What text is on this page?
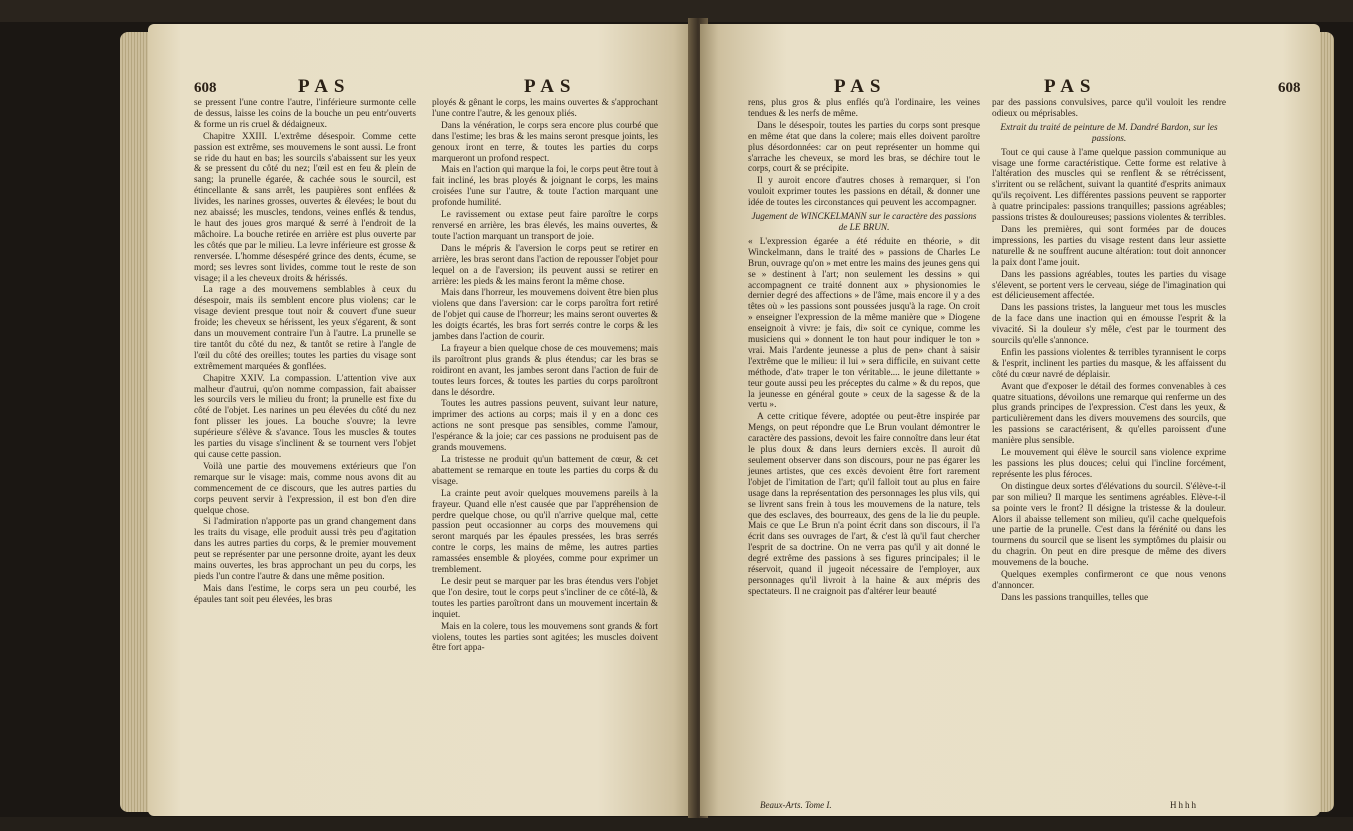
608	PAS	PAS

se pressent l'une contre l'autre, l'inférieure surmonte celle de dessus, laisse les coins de la bouche un peu entr'ouverts & forme un ris cruel & dédaigneux.

Chapitre XXIII. L'extrême désespoir. Comme cette passion est extrême, ses mouvemens le sont aussi. Le front se ride du haut en bas; les sourcils s'abaissent sur les yeux & se pressent du côté du nez; l'œil est en feu & plein de sang; la prunelle égarée, & cachée sous le sourcil, est étincellante & sans arrêt, les paupières sont enflées & livides, les narines grosses, ouvertes & élevées; le bout du nez abaissé; les muscles, tendons, veines enflés & tendus, le haut des joues gros marqué & serré à l'endroit de la mâchoire. La bouche retirée en arrière est plus ouverte par les côtés que par le milieu. La levre inférieure est grosse & renversée. L'homme désespéré grince des dents, écume, se mord; ses levres sont livides, comme tout le reste de son visage; il a les cheveux droits & hérissés.

La rage a des mouvemens semblables à ceux du désespoir, mais ils semblent encore plus violens; car le visage devient presque tout noir & couvert d'une sueur froide; les cheveux se hérissent, les yeux s'égarent, & sont dans un mouvement contraire l'un à l'autre. La prunelle se tire tantôt du côté du nez, & tantôt se retire à l'angle de l'œil du côté des oreilles; toutes les parties du visage sont extrêmement marquées & gonflées.

Chapitre XXIV. La compassion. L'attention vive aux malheur d'autrui, qu'on nomme compassion, fait abaisser les sourcils vers le milieu du front; la prunelle est fixe du côté de l'objet. Les narines un peu élevées du côté du nez font plisser les joues. La bouche s'ouvre; la levre supérieure s'élève & s'avance. Tous les muscles & toutes les parties du visage s'inclinent & se tournent vers l'objet qui cause cette passion.

Voilà une partie des mouvemens extérieurs que l'on remarque sur le visage: mais, comme nous avons dit au commencement de ce discours, que les autres parties du corps peuvent servir à l'expression, il est bon d'en dire quelque chose.

Si l'admiration n'apporte pas un grand changement dans les traits du visage, elle produit aussi très peu d'agitation dans les autres parties du corps, & le premier mouvement peut se représenter par une personne droite, ayant les deux mains ouvertes, les bras approchant un peu du corps, les pieds l'un contre l'autre & dans une même position.

Mais dans l'estime, le corps sera un peu courbé, les épaules tant soit peu élevées, les bras

ployés & gênant le corps, les mains ouvertes & s'approchant l'une contre l'autre, & les genoux pliés.

Dans la vénération, le corps sera encore plus courbé que dans l'estime; les bras & les mains seront presque joints, les genoux iront en terre, & toutes les parties du corps marqueront un profond respect.

Mais en l'action qui marque la foi, le corps peut être tout à fait incliné, les bras ployés & joignant le corps, les mains croisées l'une sur l'autre, & toute l'action marquant une profonde humilité.

Le ravissement ou extase peut faire paroître le corps renversé en arrière, les bras élevés, les mains ouvertes, & toute l'action marquant un transport de joie.

Dans le mépris & l'aversion le corps peut se retirer en arrière, les bras seront dans l'action de repousser l'objet pour lequel on a de l'aversion; ils peuvent aussi se retirer en arrière: les pieds & les mains feront la même chose.

Mais dans l'horreur, les mouvemens doivent être bien plus violens que dans l'aversion: car le corps paroîtra fort retiré de l'objet qui cause de l'horreur; les mains seront ouvertes & les doigts écartés, les bras fort serrés contre le corps & les jambes dans l'action de courir.

La frayeur a bien quelque chose de ces mouvemens; mais ils paroîtront plus grands & plus étendus; car les bras se roidiront en avant, les jambes seront dans l'action de fuir de toutes leurs forces, & toutes les parties du corps paroîtront dans le désordre.

Toutes les autres passions peuvent, suivant leur nature, imprimer des actions au corps; mais il y en a donc ces actions ne sont presque pas sensibles, comme l'amour, l'espérance & la joie; car ces passions ne produisent pas de grands mouvemens.

La tristesse ne produit qu'un battement de cœur, & cet abattement se remarque en toute les parties du corps & du visage.

La crainte peut avoir quelques mouvemens pareils à la frayeur. Quand elle n'est causée que par l'appréhension de perdre quelque chose, ou qu'il n'arrive quelque mal, cette passion peut occasionner au corps des mouvemens qui seront marqués par les épaules pressées, les bras serrés contre le corps, les mains de même, les autres parties ramassées ensemble & ployées, comme pour exprimer un tremblement.

Le desir peut se marquer par les bras étendus vers l'objet que l'on desire, tout le corps peut s'incliner de ce côté-là, & toutes les parties paroîtront dans un mouvement incertain & inquiet.

Mais en la colere, tous les mouvemens sont grands & fort violens, toutes les parties sont agitées; les muscles doivent être fort appa-

PAS	PAS	608

rens, plus gros & plus enflés qu'à l'ordinaire, les veines tendues & les nerfs de même.

Dans le désespoir, toutes les parties du corps sont presque en même état que dans la colere; mais elles doivent paroître plus désordonnées: car on peut représenter un homme qui s'arrache les cheveux, se mord les bras, se déchire tout le corps, court & se précipite.

Il y auroit encore d'autres choses à remarquer, si l'on vouloit exprimer toutes les passions en détail, & donner une idée de toutes les circonstances qui peuvent les accompagner.

Jugement de WINCKELMANN sur le caractère des passions de LE BRUN.

« L'expression égarée a été réduite en théorie, » dit Winckelmann, dans le traité des » passions de Charles Le Brun, ouvrage qu'on » met entre les mains des jeunes gens qui se » destinent à l'art; non seulement les dessins » qui accompagnent ce traité donnent aux » physionomies le dernier degré des affections » de l'âme, mais encore il y a des têtes où » les passions sont poussées jusqu'à la rage. On croit » enseigner l'expression de la même manière que » Diogene enseignoit à vivre: je fais, di» soit ce cynique, comme les musiciens qui » donnent le ton haut pour indiquer le ton » vrai. Mais l'ardente jeunesse a plus de pen» chant à saisir l'extrême que le milieu: il lui » sera difficile, en suivant cette méthode, d'at» traper le ton véritable.... le jeune dilettante » teur goute aussi peu les préceptes du calme » & du repos, que la jeunesse en général goute » ceux de la sagesse & de la vertu ».

A cette critique févere, adoptée ou peut-être inspirée par Mengs, on peut répondre que Le Brun voulant démontrer le caractère des passions, devoit les faire connoître dans leur état le plus doux & dans leurs derniers excès. Il auroit dû seulement observer dans son discours, pour ne pas égarer les jeunes artistes, que ces excès devoient être fort rarement l'objet de l'imitation de l'art; qu'il falloit tout au plus en faire usage dans la représentation des personnages les plus vils, qui se livrent sans frein à tous les mouvemens de la nature, tels que des esclaves, des bourreaux, des gens de la lie du peuple. Mais ce que Le Brun n'a point écrit dans son discours, il l'a écrit dans ses ouvrages de l'art, & c'est là qu'il faut chercher l'esprit de sa doctrine. On ne verra pas qu'il y ait donné le degré extrême des passions à ses figures principales; il le réservoit, quand il jugeoit nécessaire de l'employer, aux personnages qu'il livroit à la haine & aux mépris des spectateurs. Il ne craignoit pas d'altérer leur beauté

par des passions convulsives, parce qu'il vouloit les rendre odieux ou méprisables.

Extrait du traité de peinture de M. Dandré Bardon, sur les passions.

Tout ce qui cause à l'ame quelque passion communique au visage une forme caractéristique. Cette forme est relative à l'altération des muscles qui se renflent & se rétrécissent, s'irritent ou se relâchent, suivant la quantité d'esprits animaux qu'ils reçoivent. Les différentes passions peuvent se rapporter à quatre principales: passions tranquilles; passions agréables; passions tristes & douloureuses; passions violentes & terribles.

Dans les premières, qui sont formées par de douces impressions, les parties du visage restent dans leur assiette naturelle & ne souffrent aucune altération: tout doit annoncer la paix dont l'ame jouit.

Dans les passions agréables, toutes les parties du visage s'élevent, se portent vers le cerveau, siége de l'imagination qui est délicieusement affectée.

Dans les passions tristes, la langueur met tous les muscles de la face dans une inaction qui en émousse l'esprit & la vivacité. Si la douleur s'y mêle, c'est par le tourment des sourcils qu'elle s'annonce.

Enfin les passions violentes & terribles tyrannisent le corps & l'esprit, inclinent les parties du masque, & les affaissent du côté du cœur navré de déplaisir.

Avant que d'exposer le détail des formes convenables à ces quatre situations, dévoilons une remarque qui renferme un des plus grands principes de l'expression. C'est dans les yeux, & particulièrement dans les divers mouvemens des sourcils, que les passions se caractérisent, & qu'elles paroissent d'une manière plus sensible.

Le mouvement qui élève le sourcil sans violence exprime les passions les plus douces; celui qui l'incline forcément, représente les plus féroces.

On distingue deux sortes d'élévations du sourcil. S'élève-t-il par son milieu? Il marque les sentimens agréables. Elève-t-il sa pointe vers le front? Il désigne la tristesse & la douleur. Alors il abaisse tellement son milieu, qu'il cache quelquefois une partie de la prunelle. C'est dans la férénité ou dans les tourmens du sourcil que se lisent les symptômes du plaisir ou du chagrin. On peut en dire presque de même des divers mouvemens de la bouche.

Quelques exemples confirmeront ce que nous venons d'annoncer.

Dans les passions tranquilles, telles que

Beaux-Arts. Tome I.	Hhhh
